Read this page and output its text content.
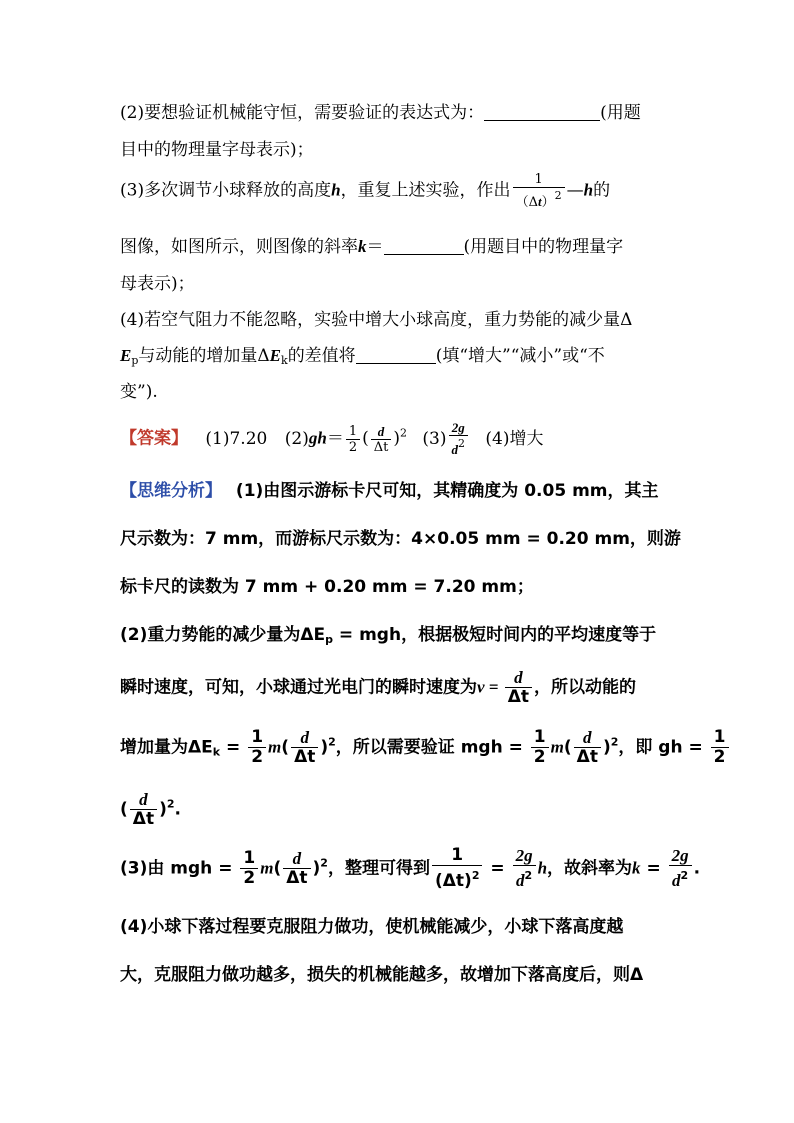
(2)要想验证机械能守恒，需要验证的表达式为：	(用题
目中的物理量字母表示)；
(3)多次调节小球释放的高度h，重复上述实验，作出 $\frac{1}{(\Delta t)^2}$ —h的
图像，如图所示，则图像的斜率k＝	(用题目中的物理量字
母表示)；
(4)若空气阻力不能忽略，实验中增大小球高度，重力势能的减少量Δ
$E_p$与动能的增加量$\Delta E_k$的差值将	(填“增大”“减小”或“不
变”).
【答案】 (1)7.20 $(2)gh= \frac{1}{2}$ ( $\frac{d}{\Delta t} )^2$ $(3) \frac{2g}{d^2} (4)$增大
【思维分析】 (1)由图示游标卡尺可知，其精确度为 0.05 mm，其主
尺示数为：7 mm，而游标尺示数为：4×0.05 mm = 0.20 mm，则游
标卡尺的读数为 7 mm + 0.20 mm = 7.20 mm；
(2)重力势能的减少量为$\Delta E_p$ = mgh，根据极短时间内的平均速度等于
瞬时速度，可知，小球通过光电门的瞬时速度为$v = \frac{d}{\Delta t}$ ，所以动能的
增加量为$\Delta E_k = \frac{1}{2} m( \frac{d}{\Delta t} )^2$，所以需要验证 mgh = $\frac{1}{2} m( \frac{d}{\Delta t} )^2$，即 gh = $\frac{1}{2}$
( $\frac{d}{\Delta t} )^2$.
(3)由 mgh = $\frac{1}{2} m( \frac{d}{\Delta t} )^2$，整理可得到 $\frac{1}{(\Delta t)^2} = \frac{2g}{d^2}$ h，故斜率为$k = \frac{2g}{d^2}$ .
(4)小球下落过程要克服阻力做功，使机械能减少，小球下落高度越
大，克服阻力做功越多，损失的机械能越多，故增加下落高度后，则Δ
